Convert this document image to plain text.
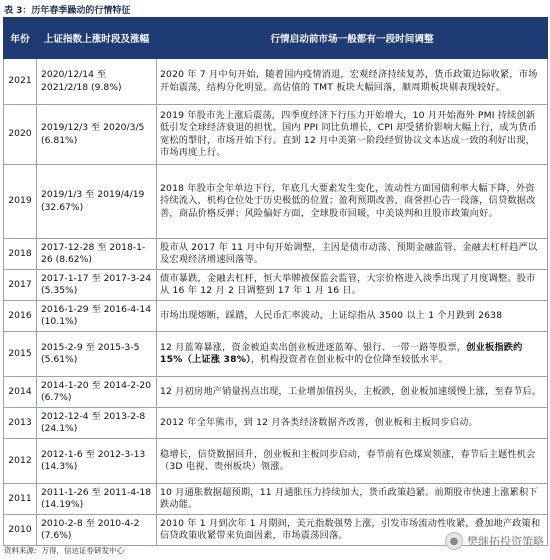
表 3：历年春季躁动的行情特征
年份	上证指数上涨时段及涨幅	行情启动前市场一般都有一段时间调整
2021	2020/12/14 至 2021/2/18 (9.8%)	2020 年 7 月中旬开始，随着国内疫情消退，宏观经济持续复苏，货币政策边际收紧，市场开始震荡，结构分化明显。高估值的 TMT 板块大幅回落，顺周期板块剔表现较好。
2020	2019/12/3 至 2020/3/5 (6.81%)	2019 年股市先上涨后震荡，四季度经济下行压力开始增大，10 月开始海外 PMI 持续创新低引发全球经济衰退的担忧。国内 PPI 同比负增长，CPI 却受猪价影响大幅上行，成为货币宽松的掣肘，市场开始下行。直到 12 月中美第一阶段经贸协议文本达成一致的利好出现，市场再度上行。
2019	2019/1/3 至 2019/4/19 (32.67%)	2018 年股市全年单边下行，年底几大要素发生变化，流动性方面国债利率大幅下降，外资持续流入，机构仓位处于历史极低的位置；盈利预期改善，商誉担心告一段落，信贷数据改善，商品价格反弹；风险偏好方面，全球股市回暖，中美谈判和且股市政策向好。
2018	2017-12-28 至 2018-1-26 (8.62%)	股市从 2017 年 11 月中旬开始调整，主因是债市动荡、预期金融监管、金融去杠杆趋严以及宏观经济增速回落等。
2017	2017-1-17 至 2017-3-24 (5.35%)	债市暴跌，金融去杠杆，恒大举牌被保监会监管，大宗价格进入淡季出现了月度调整。股市从 16 年 12 月 2 日调整到 17 年 1 月 16 日。
2016	2016-1-29 至 2016-4-14 (10.1%)	市场出现熔断，踩踏，人民币汇率波动，上证综指从 3500 以上 1 个月跌到 2638
2015	2015-2-9 至 2015-3-5 (5.61%)	12 月蓝筹暴涨，资金被迫卖出创业板进逐蓝筹、银行、一带一路等股票，创业板指跌约 15%（上证涨 38%），机构投资者在创业板中的仓位降至较低水平。
2014	2014-1-20 至 2014-2-20 (6.7%)	12 月初房地产销量拐点出现，工业增加值拐头，主板跌，创业板加速缓慢上涨，至春节后。
2013	2012-12-4 至 2013-2-8 (24.1%)	2012 年全年熊市，到 12 月各类经济数据齐改善，创业板和主板同步启动。
2012	2012-1-6 至 2012-3-13 (14.3%)	稳增长，信贷数据回升，创业板和主板同步启动，春节前有色煤炭领涨，春节后主题性机会（3D 电视、贵州板块）领涨。
2011	2011-1-26 至 2011-4-18 (14.19%)	10 月通胀数据超预期，11 月通胀压力持续加大，货币政策趋紧。前期股市快速上涨累积下跌动能。
2010	2010-2-8 至 2010-4-2 (7.6%)	2010 年 1 月到次年 1 月期间，美元指数强势上涨，引发市场流动性收紧，叠加地产政策和信贷政策收紧带来负面因素，市场震荡回落。
资料来源：万得，信达证券研发中心
● 樊继拓投资策略
